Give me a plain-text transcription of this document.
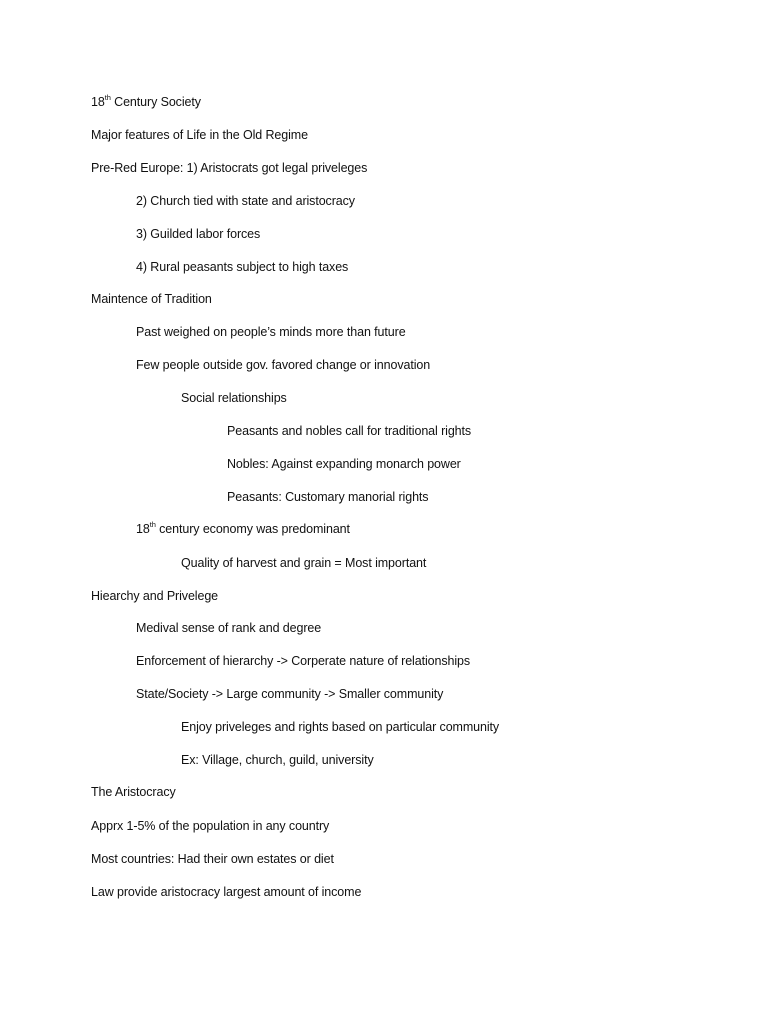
18th Century Society
Major features of Life in the Old Regime
Pre-Red Europe: 1) Aristocrats got legal priveleges
2) Church tied with state and aristocracy
3) Guilded labor forces
4) Rural peasants subject to high taxes
Maintence of Tradition
Past weighed on people’s minds more than future
Few people outside gov. favored change or innovation
Social relationships
Peasants and nobles call for traditional rights
Nobles: Against expanding monarch power
Peasants: Customary manorial rights
18th century economy was predominant
Quality of harvest and grain = Most important
Hiearchy and Privelege
Medival sense of rank and degree
Enforcement of hierarchy -> Corperate nature of relationships
State/Society -> Large community -> Smaller community
Enjoy priveleges and rights based on particular community
Ex: Village, church, guild, university
The Aristocracy
Apprx 1-5% of the population in any country
Most countries: Had their own estates or diet
Law provide aristocracy largest amount of income
